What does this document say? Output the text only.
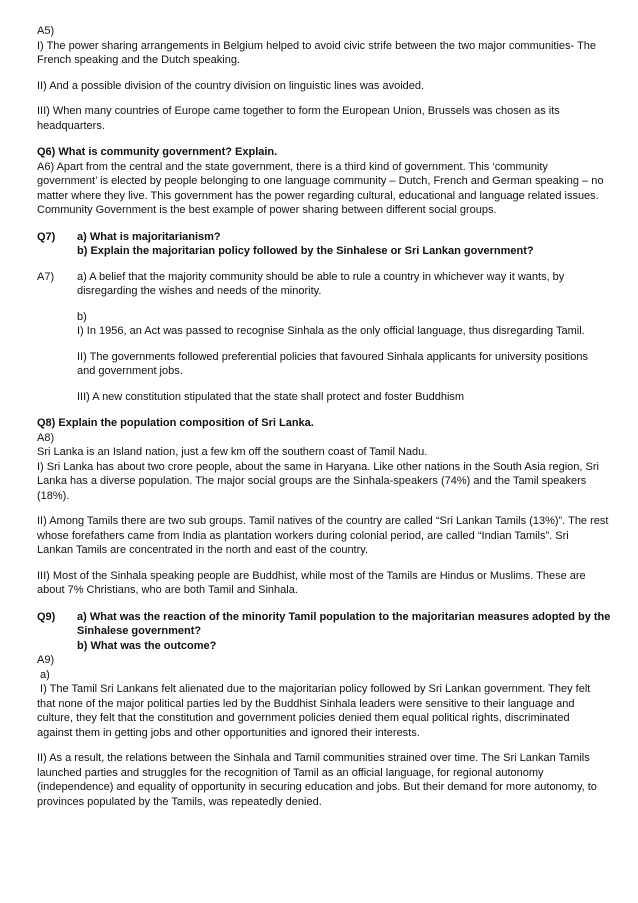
A5)
I) The power sharing arrangements in Belgium helped to avoid civic strife between the two major communities- The
French speaking and the Dutch speaking.
II) And a possible division of the country division on linguistic lines was avoided.
III) When many countries of Europe came together to form the European Union, Brussels was chosen as its
headquarters.
Q6) What is community government? Explain.
A6) Apart from the central and the state government, there is a third kind of government. This ‘community
government’ is elected by people belonging to one language community – Dutch, French and German speaking – no
matter where they live. This government has the power regarding cultural, educational and language related issues.
Community Government is the best example of power sharing between different social groups.
Q7)	a) What is majoritarianism?
b) Explain the majoritarian policy followed by the Sinhalese or Sri Lankan government?
A7)	a) A belief that the majority community should be able to rule a country in whichever way it wants, by
disregarding the wishes and needs of the minority.
b)
I) In 1956, an Act was passed to recognise Sinhala as the only official language, thus disregarding Tamil.
II) The governments followed preferential policies that favoured Sinhala applicants for university positions
and government jobs.
III) A new constitution stipulated that the state shall protect and foster Buddhism
Q8) Explain the population composition of Sri Lanka.
A8)
Sri Lanka is an Island nation, just a few km off the southern coast of Tamil Nadu.
I) Sri Lanka has about two crore people, about the same in Haryana. Like other nations in the South Asia region, Sri
Lanka has a diverse population. The major social groups are the Sinhala-speakers (74%) and the Tamil speakers
(18%).
II) Among Tamils there are two sub groups. Tamil natives of the country are called “Sri Lankan Tamils (13%)”. The rest
whose forefathers came from India as plantation workers during colonial period, are called “Indian Tamils”. Sri
Lankan Tamils are concentrated in the north and east of the country.
III) Most of the Sinhala speaking people are Buddhist, while most of the Tamils are Hindus or Muslims. These are
about 7% Christians, who are both Tamil and Sinhala.
Q9)	a) What was the reaction of the minority Tamil population to the majoritarian measures adopted by the
Sinhalese government?
b) What was the outcome?
A9)
a)
I) The Tamil Sri Lankans felt alienated due to the majoritarian policy followed by Sri Lankan government. They felt
that none of the major political parties led by the Buddhist Sinhala leaders were sensitive to their language and
culture, they felt that the constitution and government policies denied them equal political rights, discriminated
against them in getting jobs and other opportunities and ignored their interests.
II) As a result, the relations between the Sinhala and Tamil communities strained over time. The Sri Lankan Tamils
launched parties and struggles for the recognition of Tamil as an official language, for regional autonomy
(independence) and equality of opportunity in securing education and jobs. But their demand for more autonomy, to
provinces populated by the Tamils, was repeatedly denied.
